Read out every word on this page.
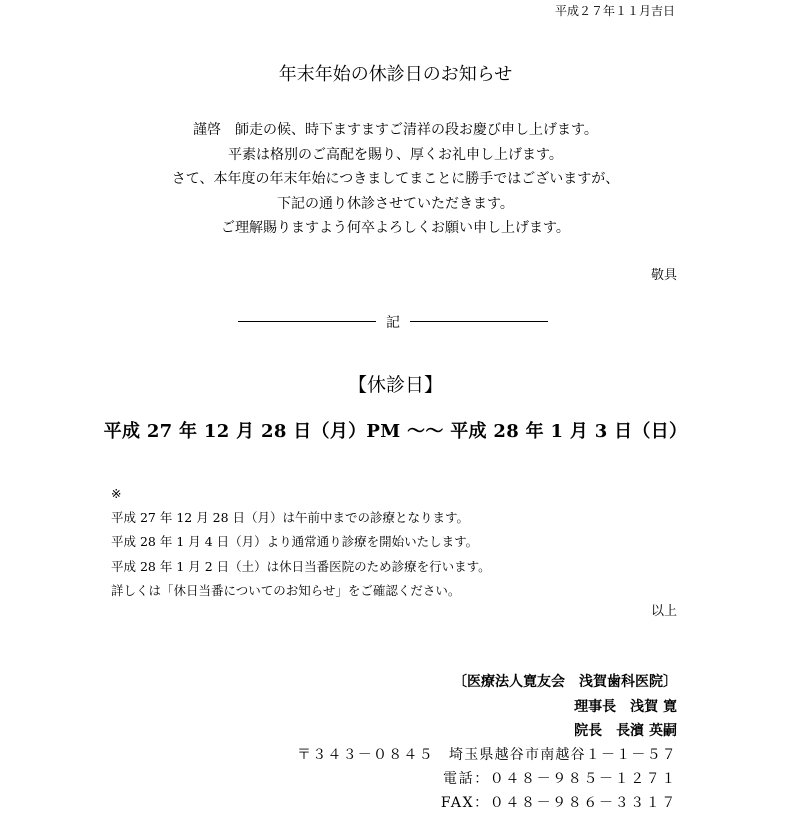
平成２７年１１月吉日
年末年始の休診日のお知らせ
謹啓　師走の候、時下ますますご清祥の段お慶び申し上げます。
平素は格別のご高配を賜り、厚くお礼申し上げます。
さて、本年度の年末年始につきましてまことに勝手ではございますが、
下記の通り休診させていただきます。
ご理解賜りますよう何卒よろしくお願い申し上げます。
敬具
記
【休診日】
平成 27 年 12 月 28 日（月）PM ～～ 平成 28 年 1 月 3 日（日）
※
平成 27 年 12 月 28 日（月）は午前中までの診療となります。
平成 28 年 1 月 4 日（月）より通常通り診療を開始いたします。
平成 28 年 1 月 2 日（土）は休日当番医院のため診療を行います。
詳しくは「休日当番についてのお知らせ」をご確認ください。
以上
〔医療法人寛友会　浅賀歯科医院〕
理事長　浅賀 寛
院長　長濱 英嗣
〒３４３－０８４５　埼玉県越谷市南越谷１－１－５７
電話：０４８－９８５－１２７１
FAX：０４８－９８６－３３１７
